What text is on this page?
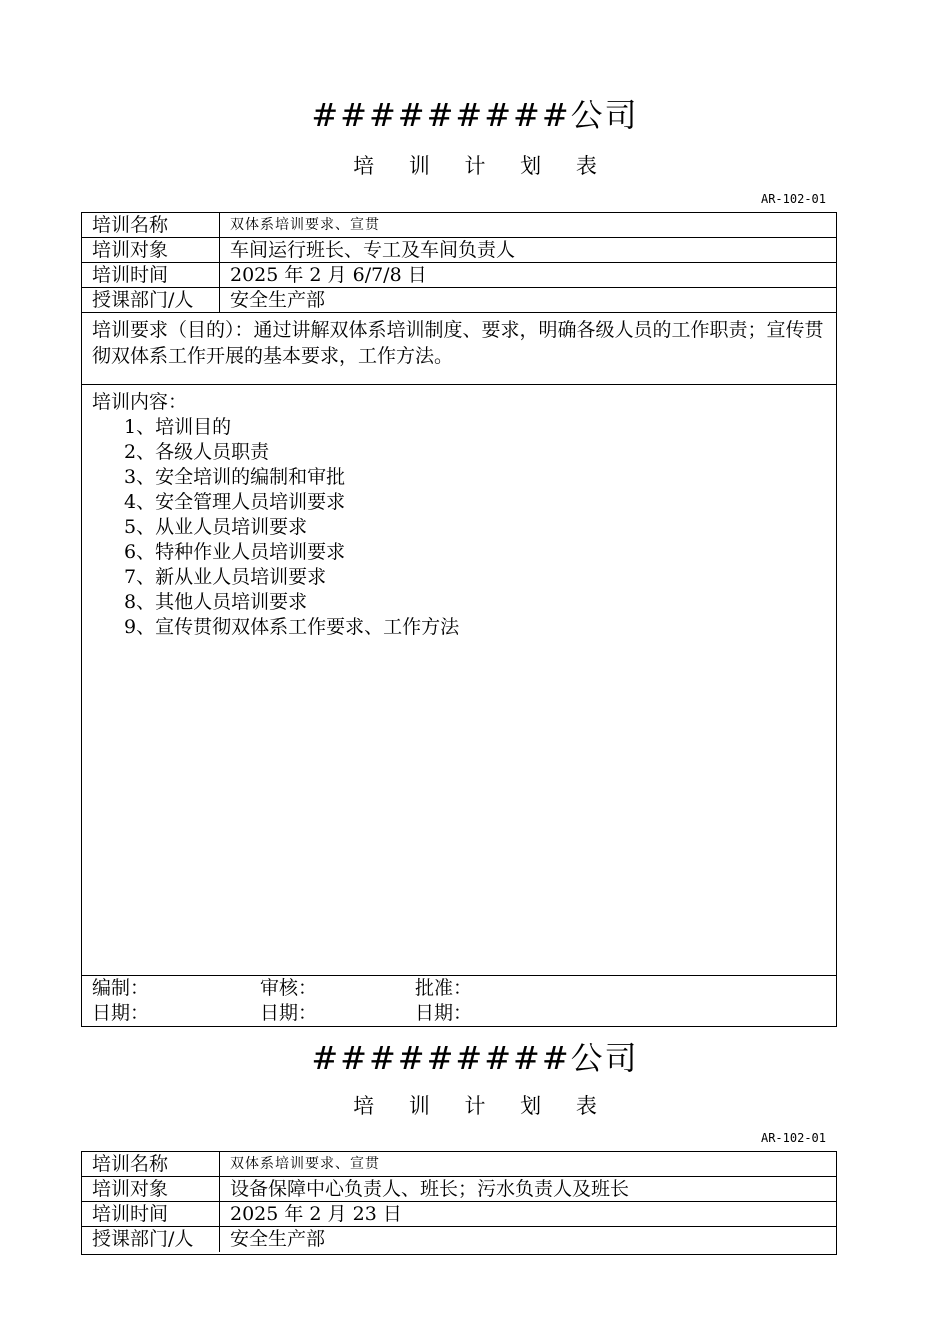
#########公司
培 训 计 划 表
AR-102-01
培训名称	双体系培训要求、宣贯
培训对象	车间运行班长、专工及车间负责人
培训时间	2025 年 2 月 6/7/8 日
授课部门/人	安全生产部
培训要求（目的）：通过讲解双体系培训制度、要求，明确各级人员的工作职责；宣传贯彻双体系工作开展的基本要求，工作方法。
培训内容：
1、培训目的
2、各级人员职责
3、安全培训的编制和审批
4、安全管理人员培训要求
5、从业人员培训要求
6、特种作业人员培训要求
7、新从业人员培训要求
8、其他人员培训要求
9、宣传贯彻双体系工作要求、工作方法
编制：	审核：	批准：
日期：	日期：	日期：
#########公司
培 训 计 划 表
AR-102-01
培训名称	双体系培训要求、宣贯
培训对象	设备保障中心负责人、班长；污水负责人及班长
培训时间	2025 年 2 月 23 日
授课部门/人	安全生产部
